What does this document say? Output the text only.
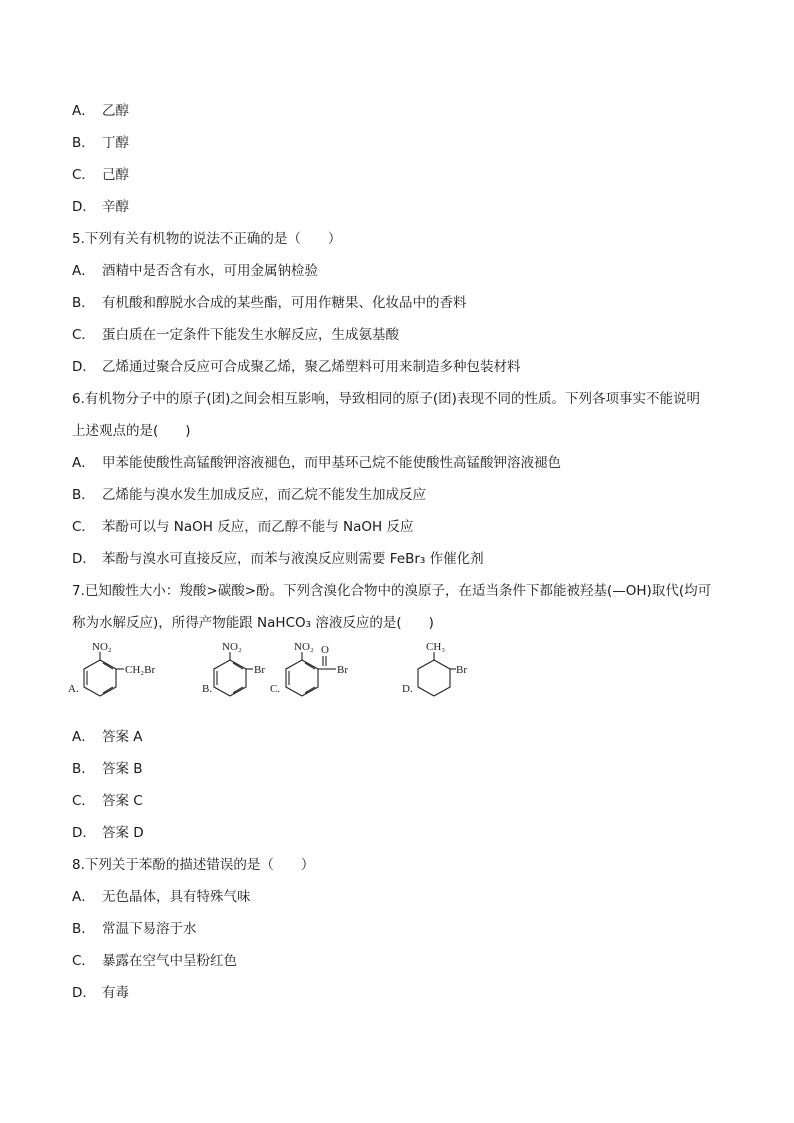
A． 乙醇
B． 丁醇
C． 己醇
D． 辛醇
5.下列有关有机物的说法不正确的是（　　）
A． 酒精中是否含有水，可用金属钠检验
B．有机酸和醇脱水合成的某些酯，可用作糖果、化妆品中的香料
C．蛋白质在一定条件下能发生水解反应，生成氨基酸
D．乙烯通过聚合反应可合成聚乙烯，聚乙烯塑料可用来制造多种包装材料
6.有机物分子中的原子(团)之间会相互影响，导致相同的原子(团)表现不同的性质。下列各项事实不能说明
上述观点的是(　　)
A． 甲苯能使酸性高锰酸钾溶液褪色，而甲基环己烷不能使酸性高锰酸钾溶液褪色
B． 乙烯能与溴水发生加成反应，而乙烷不能发生加成反应
C． 苯酚可以与 NaOH 反应，而乙醇不能与 NaOH 反应
D． 苯酚与溴水可直接反应，而苯与液溴反应则需要 FeBr₃ 作催化剂
7.已知酸性大小：羧酸>碳酸>酚。下列含溴化合物中的溴原子，在适当条件下都能被羟基(—OH)取代(均可
称为水解反应)，所得产物能跟 NaHCO₃ 溶液反应的是(　　)
NO₂
CH₂Br
A.
NO₂
Br
B.
NO₂ O
Br
C.
CH₃
Br
D.
A． 答案 A
B． 答案 B
C． 答案 C
D． 答案 D
8.下列关于苯酚的描述错误的是（　　）
A． 无色晶体，具有特殊气味
B．常温下易溶于水
C．暴露在空气中呈粉红色
D．有毒
